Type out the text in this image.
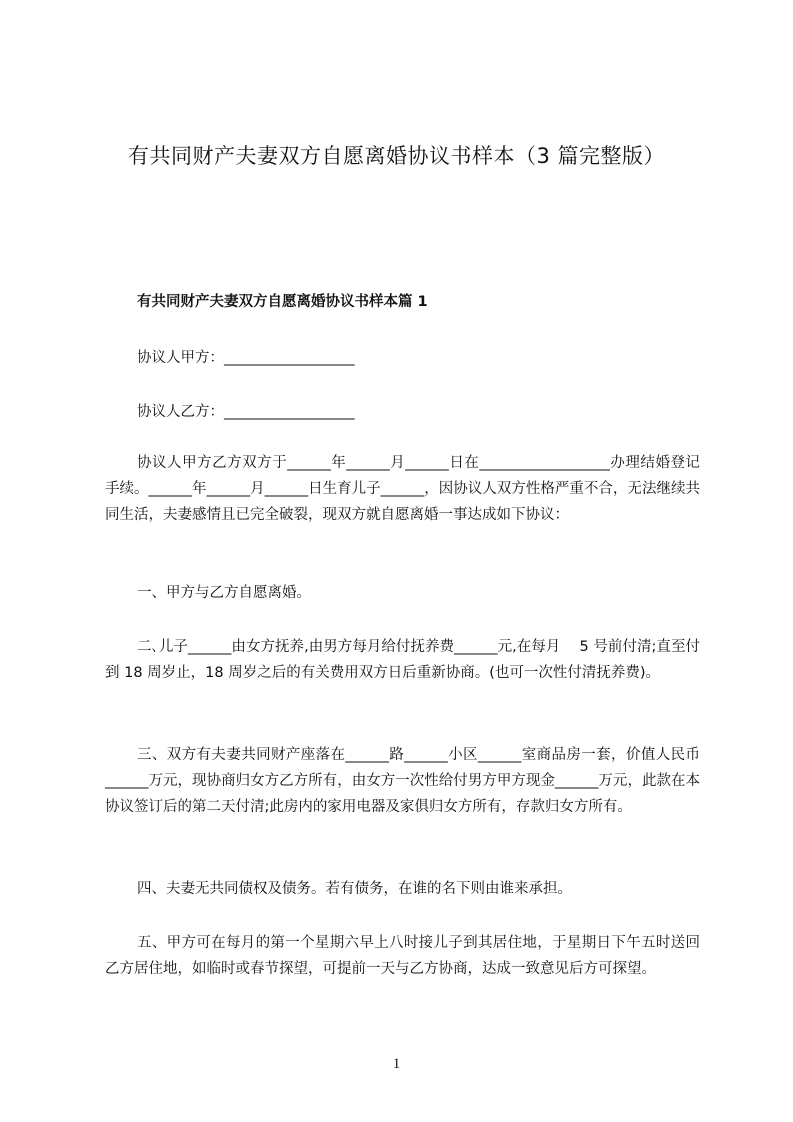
有共同财产夫妻双方自愿离婚协议书样本（3 篇完整版）
有共同财产夫妻双方自愿离婚协议书样本篇 1

协议人甲方：__________________

协议人乙方：__________________

协议人甲方乙方双方于______年______月______日在__________________办理结婚登记手续。______年______月______日生育儿子______，因协议人双方性格严重不合，无法继续共同生活，夫妻感情且已完全破裂，现双方就自愿离婚一事达成如下协议：

一、甲方与乙方自愿离婚。

二､儿子______由女方抚养,由男方每月给付抚养费______元,在每月　 5 号前付清;直至付到 18 周岁止，18 周岁之后的有关费用双方日后重新协商。(也可一次性付清抚养费)。

三、双方有夫妻共同财产座落在______路______小区______室商品房一套，价值人民币______万元，现协商归女方乙方所有，由女方一次性给付男方甲方现金______万元，此款在本协议签订后的第二天付清;此房内的家用电器及家俱归女方所有，存款归女方所有。

四、夫妻无共同债权及债务。若有债务，在谁的名下则由谁来承担。

五、甲方可在每月的第一个星期六早上八时接儿子到其居住地，于星期日下午五时送回乙方居住地，如临时或春节探望，可提前一天与乙方协商，达成一致意见后方可探望。

1
